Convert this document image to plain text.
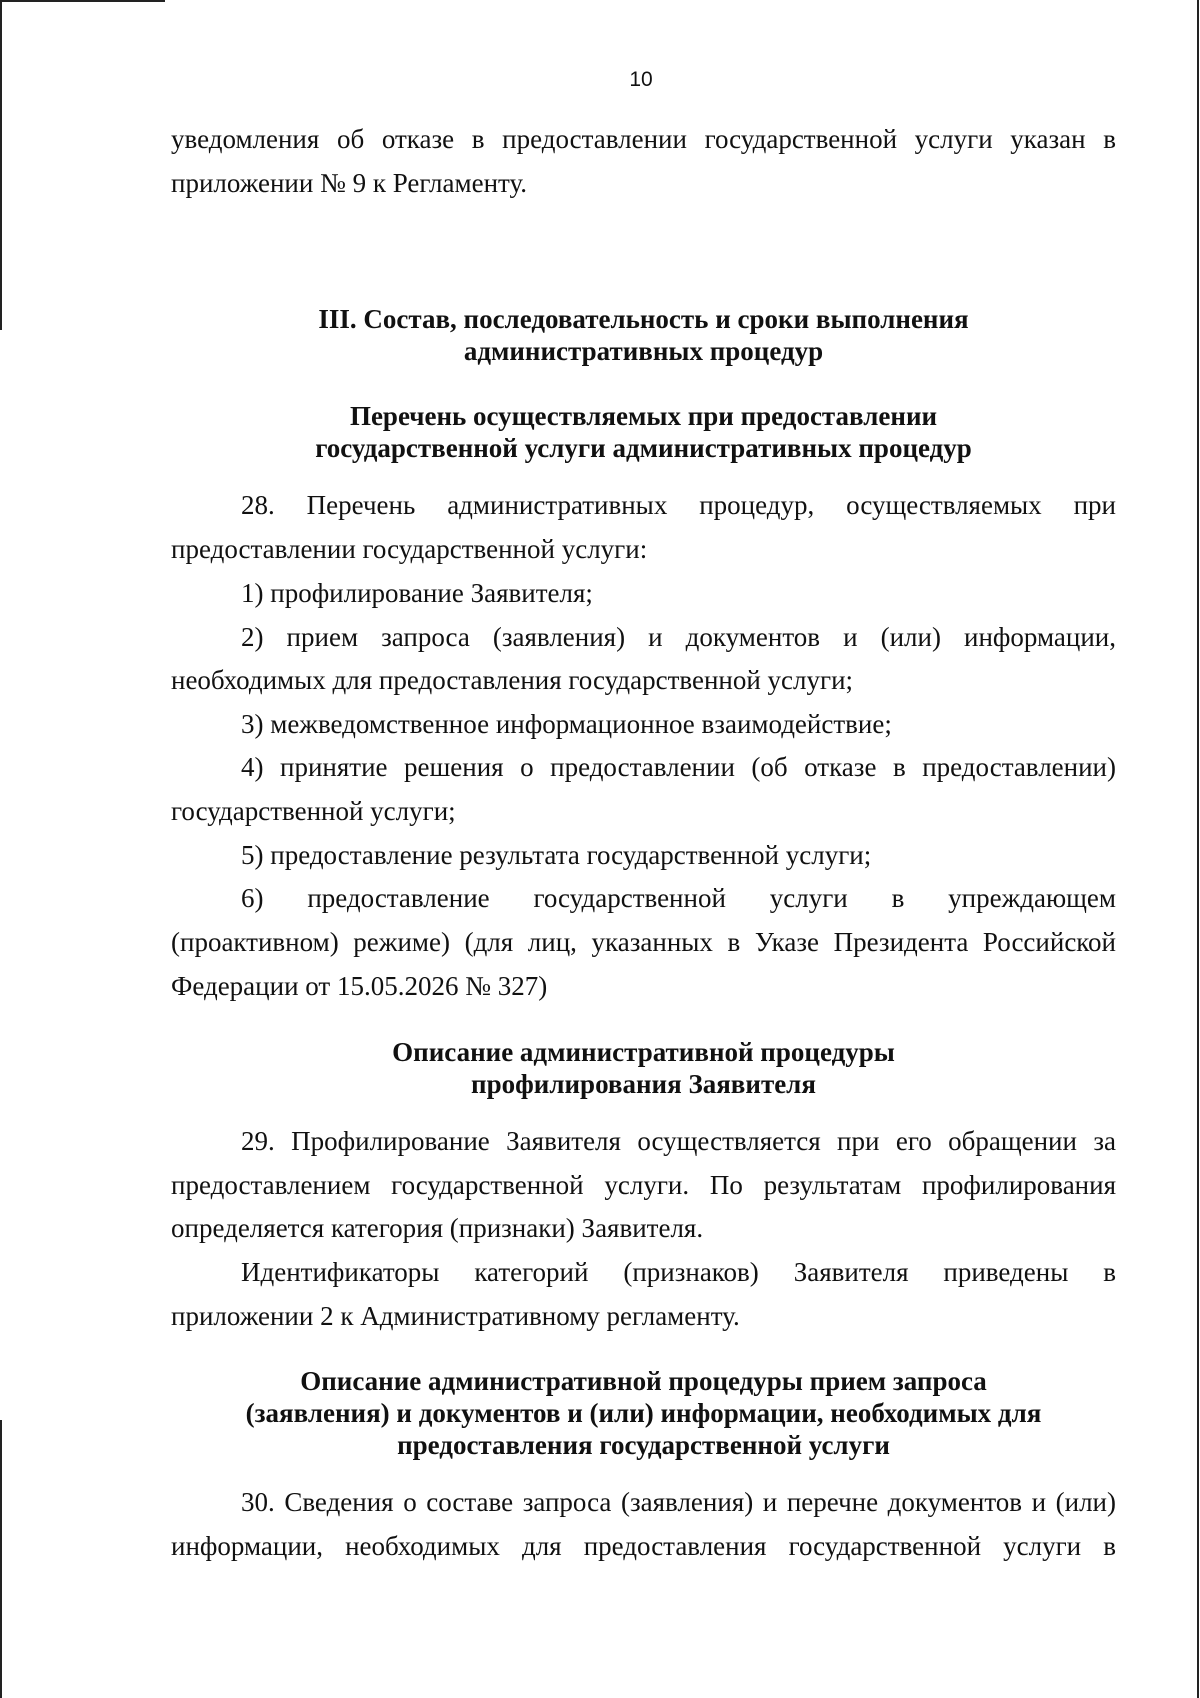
10

уведомления об отказе в предоставлении государственной услуги указан в

приложении № 9 к Регламенту.

III. Состав, последовательность и сроки выполнения
административных процедур
Перечень осуществляемых при предоставлении
государственной услуги административных процедур

28. Перечень административных процедур, осуществляемых при

предоставлении государственной услуги:

1) профилирование Заявителя;

2) прием запроса (заявления) и документов и (или) информации,

необходимых для предоставления государственной услуги;

3) межведомственное информационное взаимодействие;

4) принятие решения о предоставлении (об отказе в предоставлении)

государственной услуги;

5) предоставление результата государственной услуги;

6) предоставление государственной услуги в упреждающем

(проактивном) режиме) (для лиц, указанных в Указе Президента Российской

Федерации от 15.05.2026 № 327)

Описание административной процедуры
профилирования Заявителя

29. Профилирование Заявителя осуществляется при его обращении за

предоставлением государственной услуги. По результатам профилирования

определяется категория (признаки) Заявителя.

Идентификаторы категорий (признаков) Заявителя приведены в

приложении 2 к Административному регламенту.

Описание административной процедуры прием запроса
(заявления) и документов и (или) информации, необходимых для
предоставления государственной услуги

30. Сведения о составе запроса (заявления) и перечне документов и (или)

информации, необходимых для предоставления государственной услуги в
